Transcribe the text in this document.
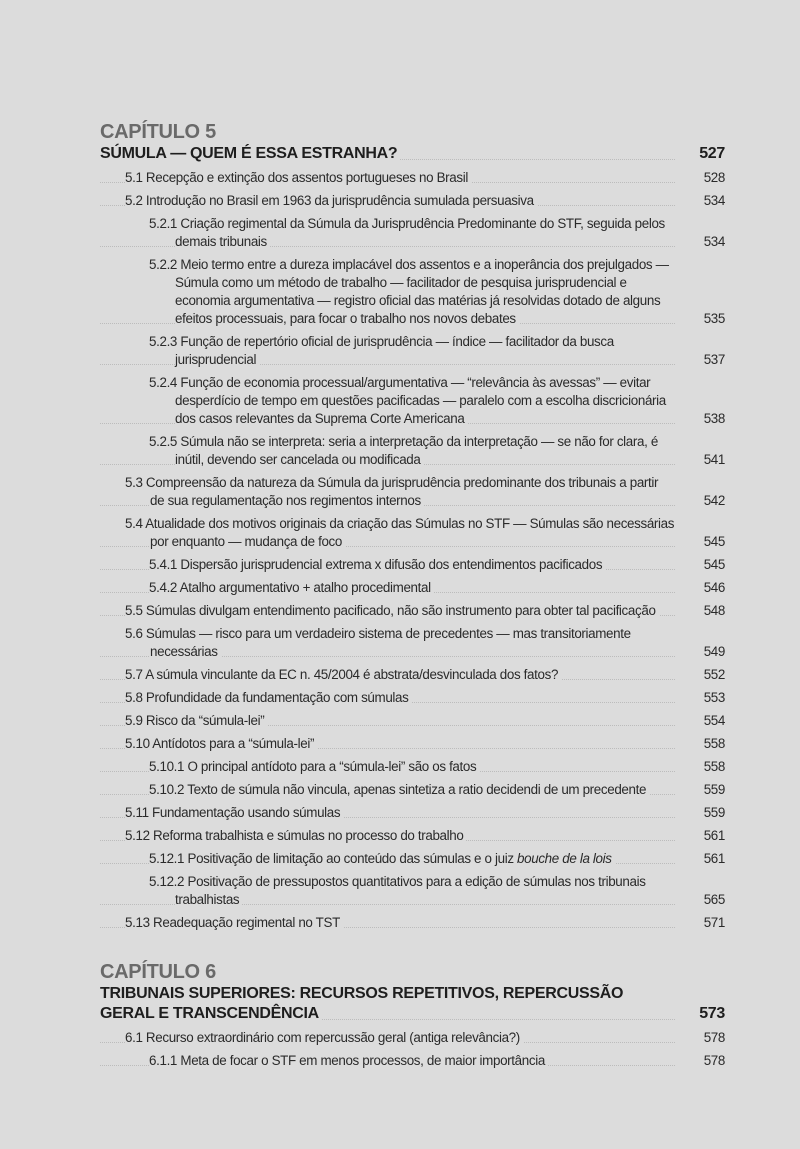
CAPÍTULO 5
SÚMULA — QUEM É ESSA ESTRANHA?	527
5.1 Recepção e extinção dos assentos portugueses no Brasil	528
5.2 Introdução no Brasil em 1963 da jurisprudência sumulada persuasiva	534
5.2.1 Criação regimental da Súmula da Jurisprudência Predominante do STF, seguida pelos demais tribunais	534
5.2.2 Meio termo entre a dureza implacável dos assentos e a inoperância dos prejulgados — Súmula como um método de trabalho — facilitador de pesquisa jurisprudencial e economia argumentativa — registro oficial das matérias já resolvidas dotado de alguns efeitos processuais, para focar o trabalho nos novos debates	535
5.2.3 Função de repertório oficial de jurisprudência — índice — facilitador da busca jurisprudencial	537
5.2.4 Função de economia processual/argumentativa — “relevância às avessas” — evitar desperdício de tempo em questões pacificadas — paralelo com a escolha discricionária dos casos relevantes da Suprema Corte Americana	538
5.2.5 Súmula não se interpreta: seria a interpretação da interpretação — se não for clara, é inútil, devendo ser cancelada ou modificada	541
5.3 Compreensão da natureza da Súmula da jurisprudência predominante dos tribunais a partir de sua regulamentação nos regimentos internos	542
5.4 Atualidade dos motivos originais da criação das Súmulas no STF — Súmulas são necessárias por enquanto — mudança de foco	545
5.4.1 Dispersão jurisprudencial extrema x difusão dos entendimentos pacificados	545
5.4.2 Atalho argumentativo + atalho procedimental	546
5.5 Súmulas divulgam entendimento pacificado, não são instrumento para obter tal pacificação	548
5.6 Súmulas — risco para um verdadeiro sistema de precedentes — mas transitoriamente necessárias	549
5.7 A súmula vinculante da EC n. 45/2004 é abstrata/desvinculada dos fatos?	552
5.8 Profundidade da fundamentação com súmulas	553
5.9 Risco da “súmula-lei”	554
5.10 Antídotos para a “súmula-lei”	558
5.10.1 O principal antídoto para a “súmula-lei” são os fatos	558
5.10.2 Texto de súmula não vincula, apenas sintetiza a ratio decidendi de um precedente	559
5.11 Fundamentação usando súmulas	559
5.12 Reforma trabalhista e súmulas no processo do trabalho	561
5.12.1 Positivação de limitação ao conteúdo das súmulas e o juiz bouche de la lois	561
5.12.2 Positivação de pressupostos quantitativos para a edição de súmulas nos tribunais trabalhistas	565
5.13 Readequação regimental no TST	571
CAPÍTULO 6
TRIBUNAIS SUPERIORES: RECURSOS REPETITIVOS, REPERCUSSÃO GERAL E TRANSCENDÊNCIA	573
6.1 Recurso extraordinário com repercussão geral (antiga relevância?)	578
6.1.1 Meta de focar o STF em menos processos, de maior importância	578
